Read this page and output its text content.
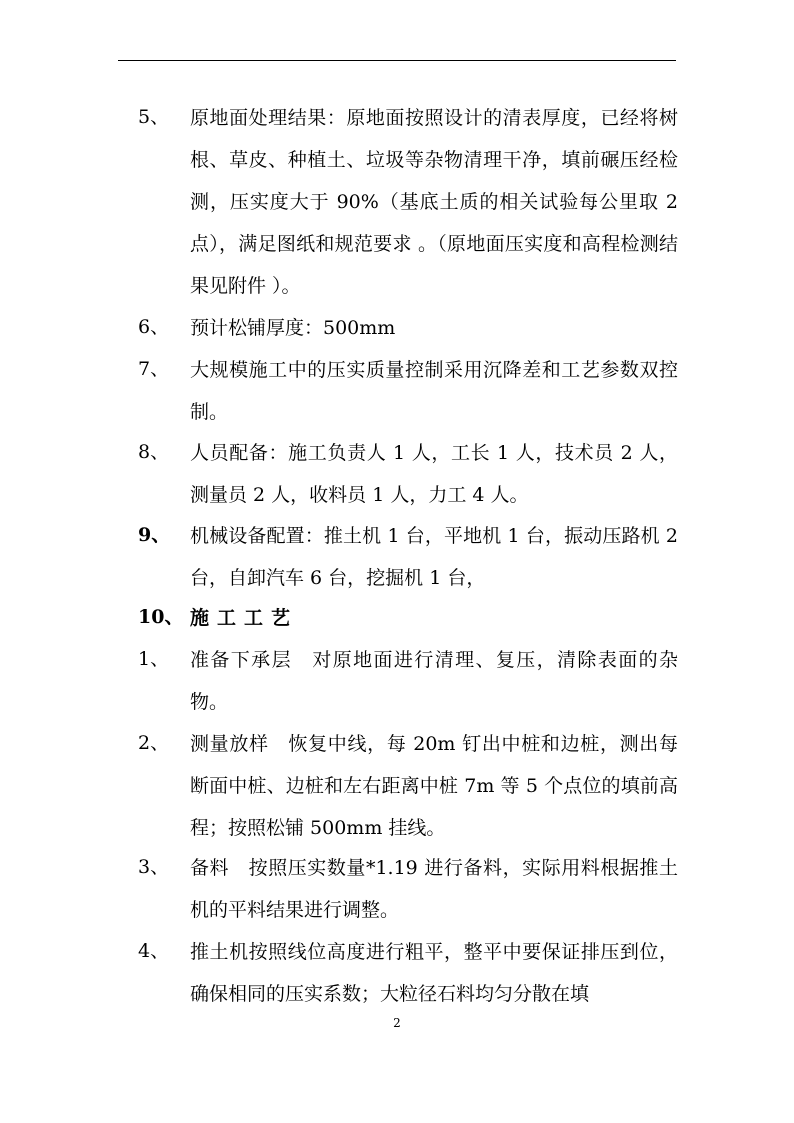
5、 原地面处理结果：原地面按照设计的清表厚度，已经将树根、草皮、种植土、垃圾等杂物清理干净，填前碾压经检测，压实度大于 90%（基底土质的相关试验每公里取 2 点），满足图纸和规范要求 。（原地面压实度和高程检测结果见附件 ）。
6、 预计松铺厚度：500mm
7、 大规模施工中的压实质量控制采用沉降差和工艺参数双控制。
8、 人员配备：施工负责人 1 人，工长 1 人，技术员 2 人，测量员 2 人，收料员 1 人，力工 4 人。
9、 机械设备配置：推土机 1 台，平地机 1 台，振动压路机 2 台，自卸汽车 6 台，挖掘机 1 台，
10、 施工工艺
1、 准备下承层　对原地面进行清理、复压，清除表面的杂物。
2、 测量放样　恢复中线，每 20m 钉出中桩和边桩，测出每断面中桩、边桩和左右距离中桩 7m 等 5 个点位的填前高程；按照松铺 500mm 挂线。
3、 备料　按照压实数量*1.19 进行备料，实际用料根据推土机的平料结果进行调整。
4、 推土机按照线位高度进行粗平，整平中要保证排压到位，确保相同的压实系数；大粒径石料均匀分散在填
2
